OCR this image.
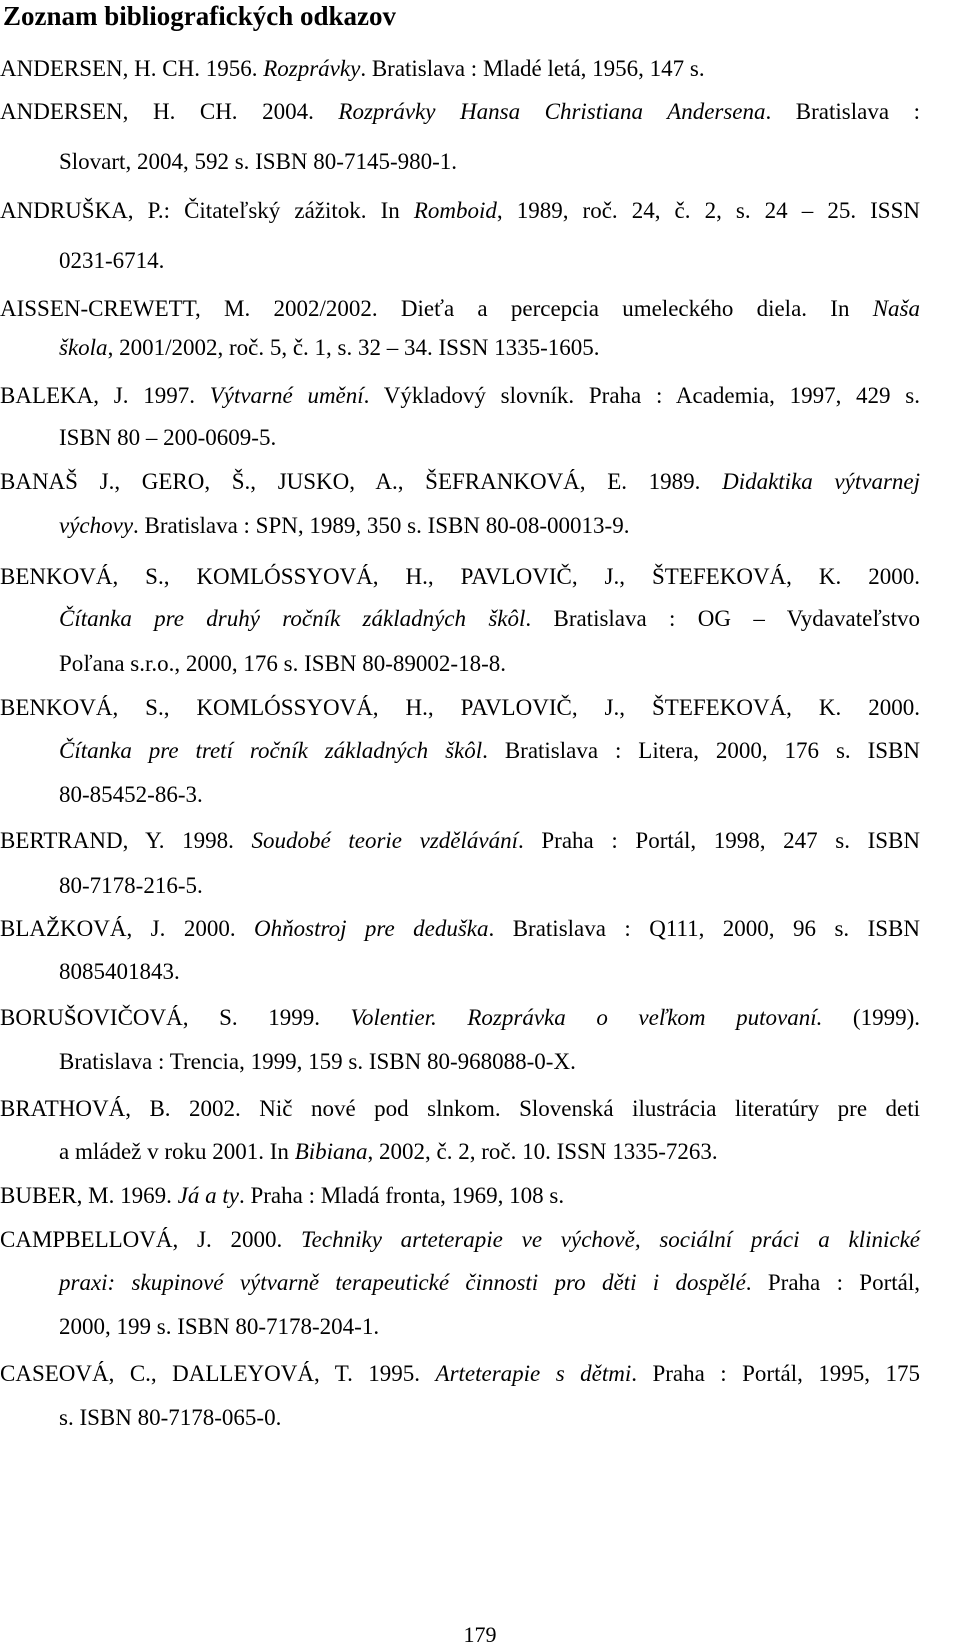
Zoznam bibliografických odkazov
ANDERSEN, H. CH. 1956. Rozprávky. Bratislava : Mladé letá, 1956, 147 s.
ANDERSEN, H. CH. 2004. Rozprávky Hansa Christiana Andersena. Bratislava :
Slovart, 2004, 592 s. ISBN 80-7145-980-1.
ANDRUŠKA, P.: Čitateľský zážitok. In Romboid, 1989, roč. 24, č. 2, s. 24 – 25. ISSN
0231-6714.
AISSEN-CREWETT, M. 2002/2002. Dieťa a percepcia umeleckého diela. In Naša
škola, 2001/2002, roč. 5, č. 1, s. 32 – 34. ISSN 1335-1605.
BALEKA, J. 1997. Výtvarné umění. Výkladový slovník. Praha : Academia, 1997, 429 s.
ISBN 80 – 200-0609-5.
BANAŠ J., GERO, Š., JUSKO, A., ŠEFRANKOVÁ, E. 1989. Didaktika výtvarnej
výchovy. Bratislava : SPN, 1989, 350 s. ISBN 80-08-00013-9.
BENKOVÁ, S., KOMLÓSSYOVÁ, H., PAVLOVIČ, J., ŠTEFEKOVÁ, K. 2000.
Čítanka pre druhý ročník základných škôl. Bratislava : OG – Vydavateľstvo
Poľana s.r.o., 2000, 176 s. ISBN 80-89002-18-8.
BENKOVÁ, S., KOMLÓSSYOVÁ, H., PAVLOVIČ, J., ŠTEFEKOVÁ, K. 2000.
Čítanka pre tretí ročník základných škôl. Bratislava : Litera, 2000, 176 s. ISBN
80-85452-86-3.
BERTRAND, Y. 1998. Soudobé teorie vzdělávání. Praha : Portál, 1998, 247 s. ISBN
80-7178-216-5.
BLAŽKOVÁ, J. 2000. Ohňostroj pre deduška. Bratislava : Q111, 2000, 96 s. ISBN
8085401843.
BORUŠOVIČOVÁ, S. 1999. Volentier. Rozprávka o veľkom putovaní. (1999).
Bratislava : Trencia, 1999, 159 s. ISBN 80-968088-0-X.
BRATHOVÁ, B. 2002. Nič nové pod slnkom. Slovenská ilustrácia literatúry pre deti
a mládež v roku 2001. In Bibiana, 2002, č. 2, roč. 10. ISSN 1335-7263.
BUBER, M. 1969. Já a ty. Praha : Mladá fronta, 1969, 108 s.
CAMPBELLOVÁ, J. 2000. Techniky arteterapie ve výchově, sociální práci a klinické
praxi: skupinové výtvarně terapeutické činnosti pro děti i dospělé. Praha : Portál,
2000, 199 s. ISBN 80-7178-204-1.
CASEOVÁ, C., DALLEYOVÁ, T. 1995. Arteterapie s dětmi. Praha : Portál, 1995, 175
s. ISBN 80-7178-065-0.
179
